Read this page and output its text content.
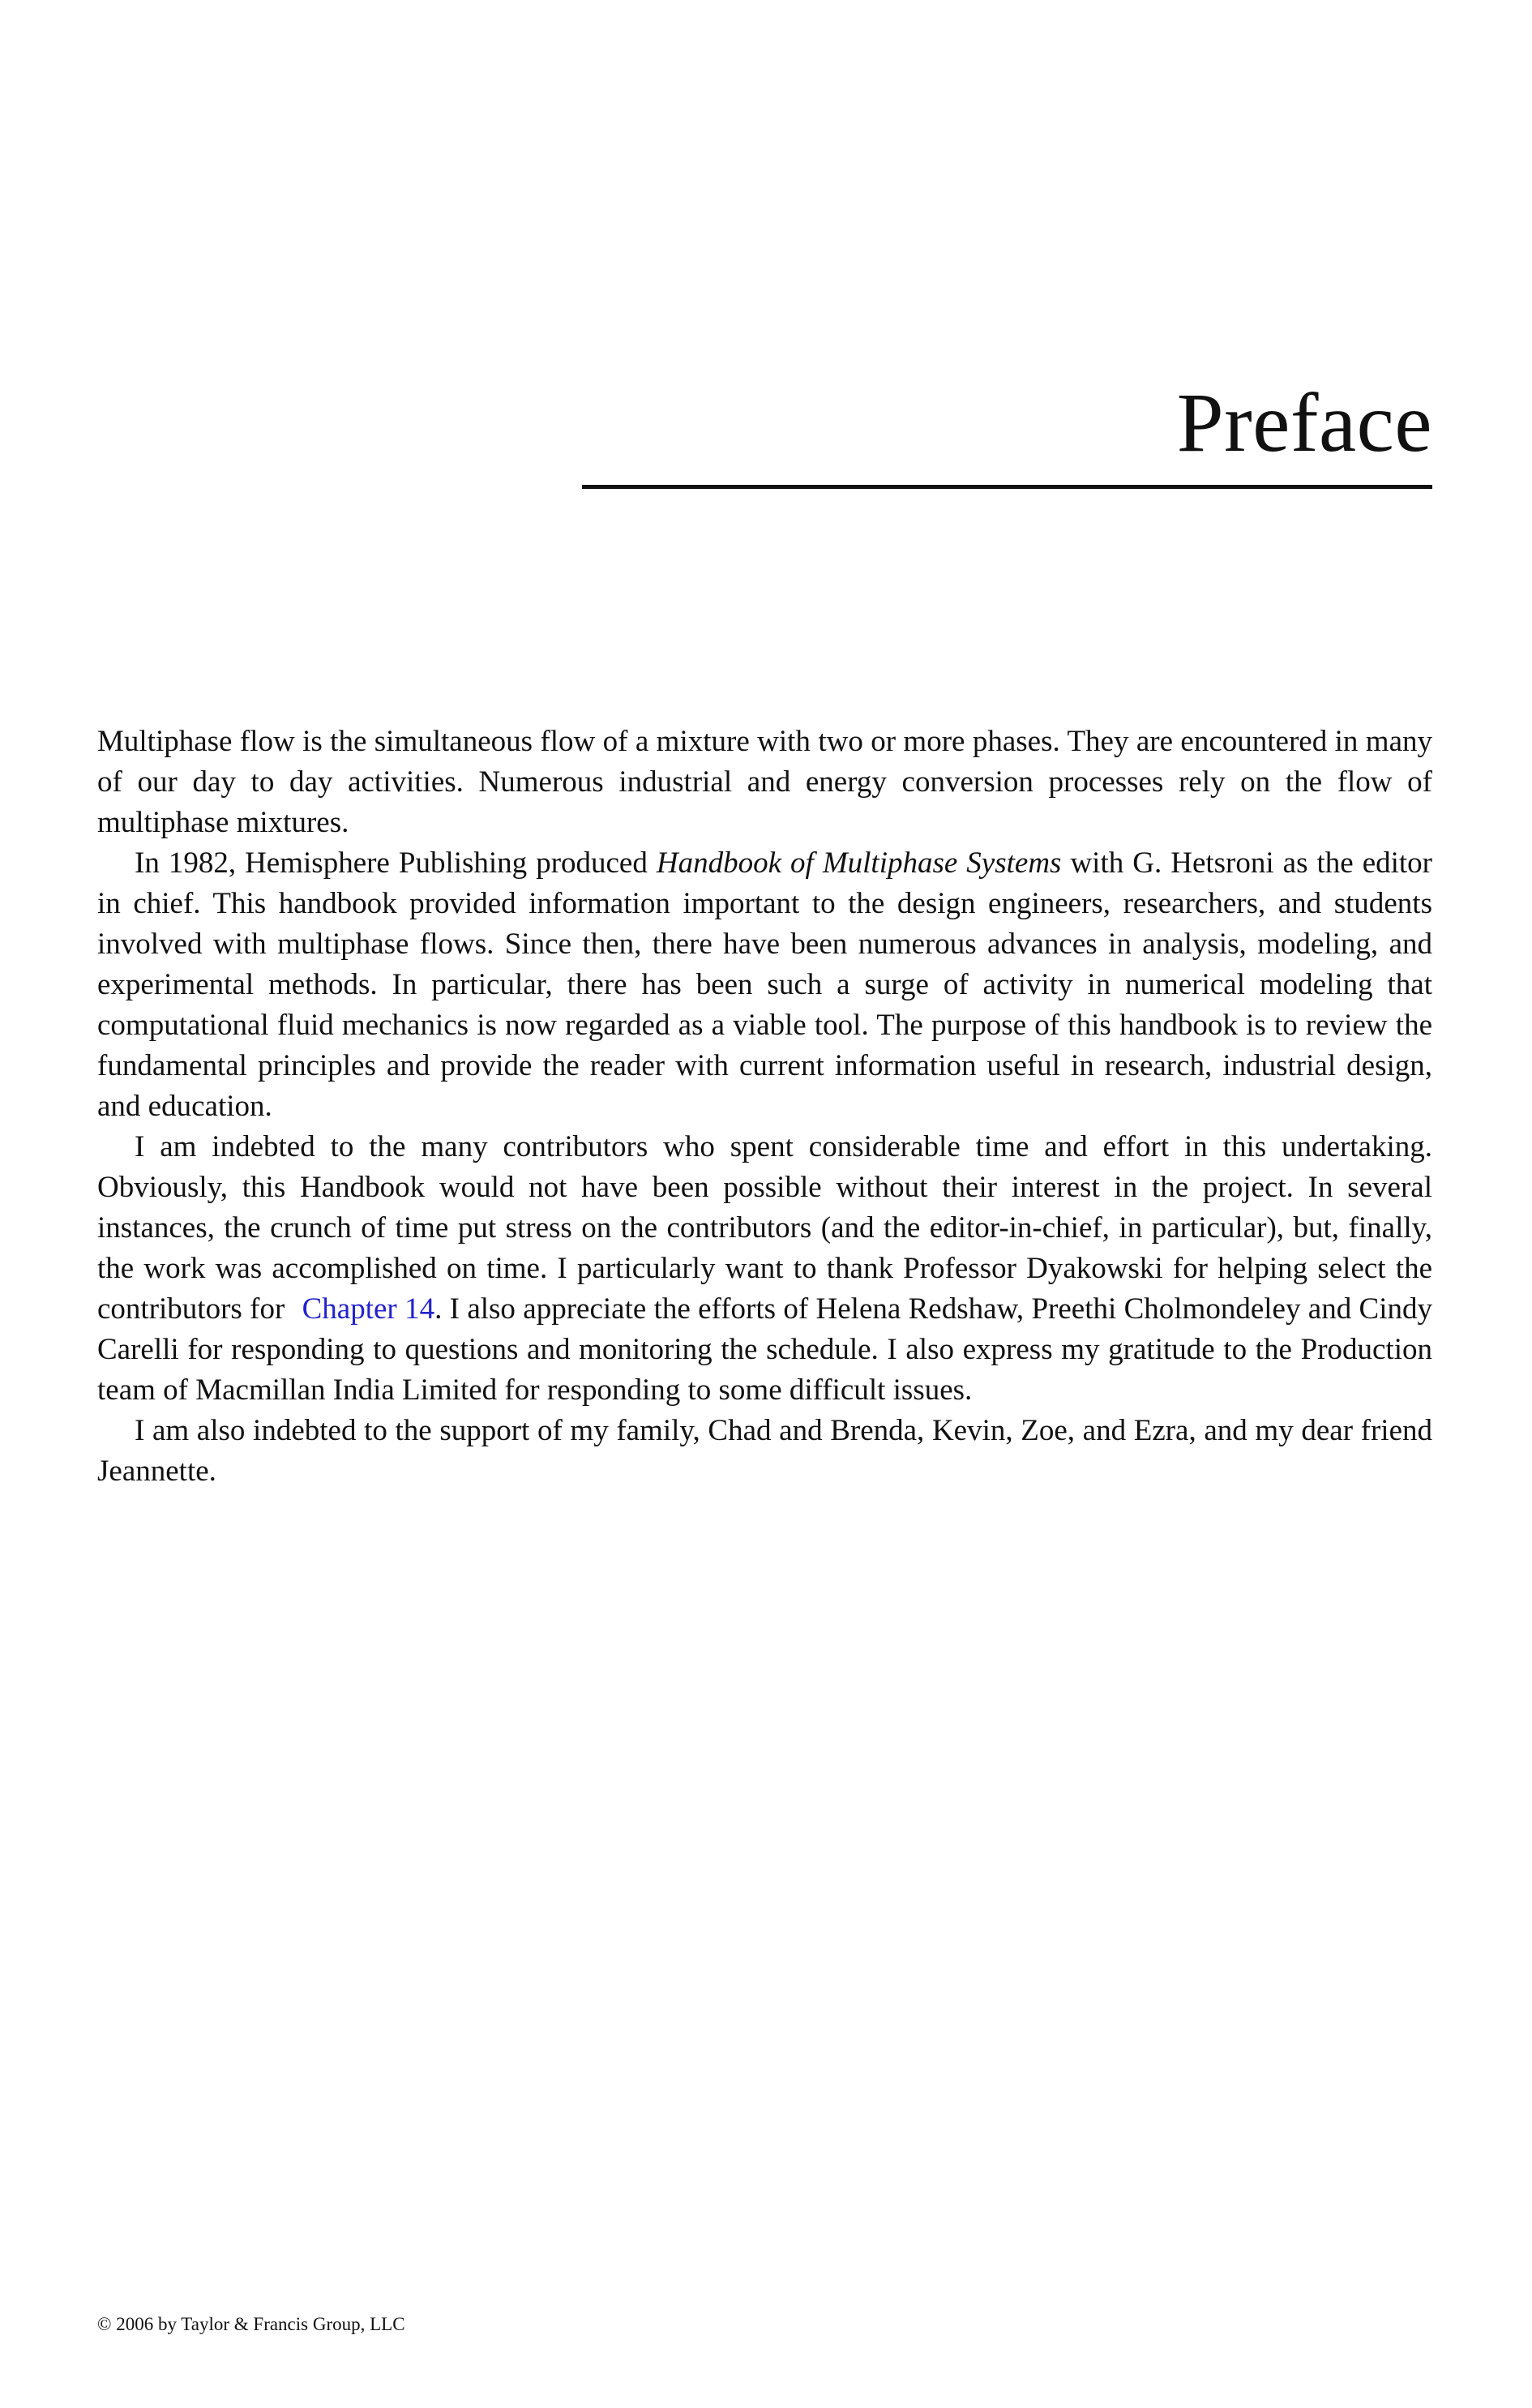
Preface

Multiphase flow is the simultaneous flow of a mixture with two or more phases. They are encountered in many of our day to day activities. Numerous industrial and energy conversion processes rely on the flow of multiphase mixtures.

In 1982, Hemisphere Publishing produced Handbook of Multiphase Systems with G. Hetsroni as the editor in chief. This handbook provided information important to the design engineers, researchers, and students involved with multiphase flows. Since then, there have been numerous advances in analysis, modeling, and experimental methods. In particular, there has been such a surge of activity in numerical modeling that computational fluid mechanics is now regarded as a viable tool. The purpose of this handbook is to review the fundamental principles and provide the reader with current information useful in research, industrial design, and education.

I am indebted to the many contributors who spent considerable time and effort in this undertaking. Obviously, this Handbook would not have been possible without their interest in the project. In several instances, the crunch of time put stress on the contributors (and the editor-in-chief, in particular), but, finally, the work was accomplished on time. I particularly want to thank Professor Dyakowski for helping select the contributors for Chapter 14. I also appreciate the efforts of Helena Redshaw, Preethi Cholmondeley and Cindy Carelli for responding to questions and monitoring the schedule. I also express my gratitude to the Production team of Macmillan India Limited for responding to some difficult issues.

I am also indebted to the support of my family, Chad and Brenda, Kevin, Zoe, and Ezra, and my dear friend Jeannette.

© 2006 by Taylor & Francis Group, LLC
